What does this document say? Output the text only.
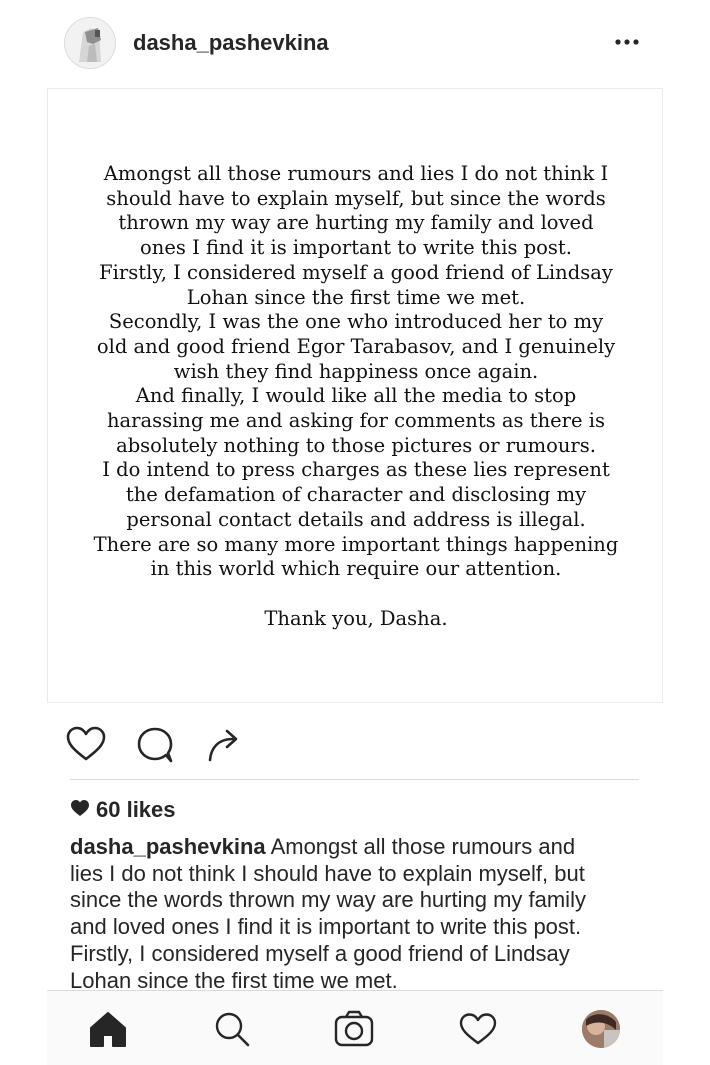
dasha_pashevkina
Amongst all those rumours and lies I do not think I
should have to explain myself, but since the words
thrown my way are hurting my family and loved
ones I find it is important to write this post.
Firstly, I considered myself a good friend of Lindsay
Lohan since the first time we met.
Secondly, I was the one who introduced her to my
old and good friend Egor Tarabasov, and I genuinely
wish they find happiness once again.
And finally, I would like all the media to stop
harassing me and asking for comments as there is
absolutely nothing to those pictures or rumours.
I do intend to press charges as these lies represent
the defamation of character and disclosing my
personal contact details and address is illegal.
There are so many more important things happening
in this world which require our attention.
Thank you, Dasha.
60 likes
dasha_pashevkina Amongst all those rumours and
lies I do not think I should have to explain myself, but
since the words thrown my way are hurting my family
and loved ones I find it is important to write this post.
Firstly, I considered myself a good friend of Lindsay
Lohan since the first time we met.
